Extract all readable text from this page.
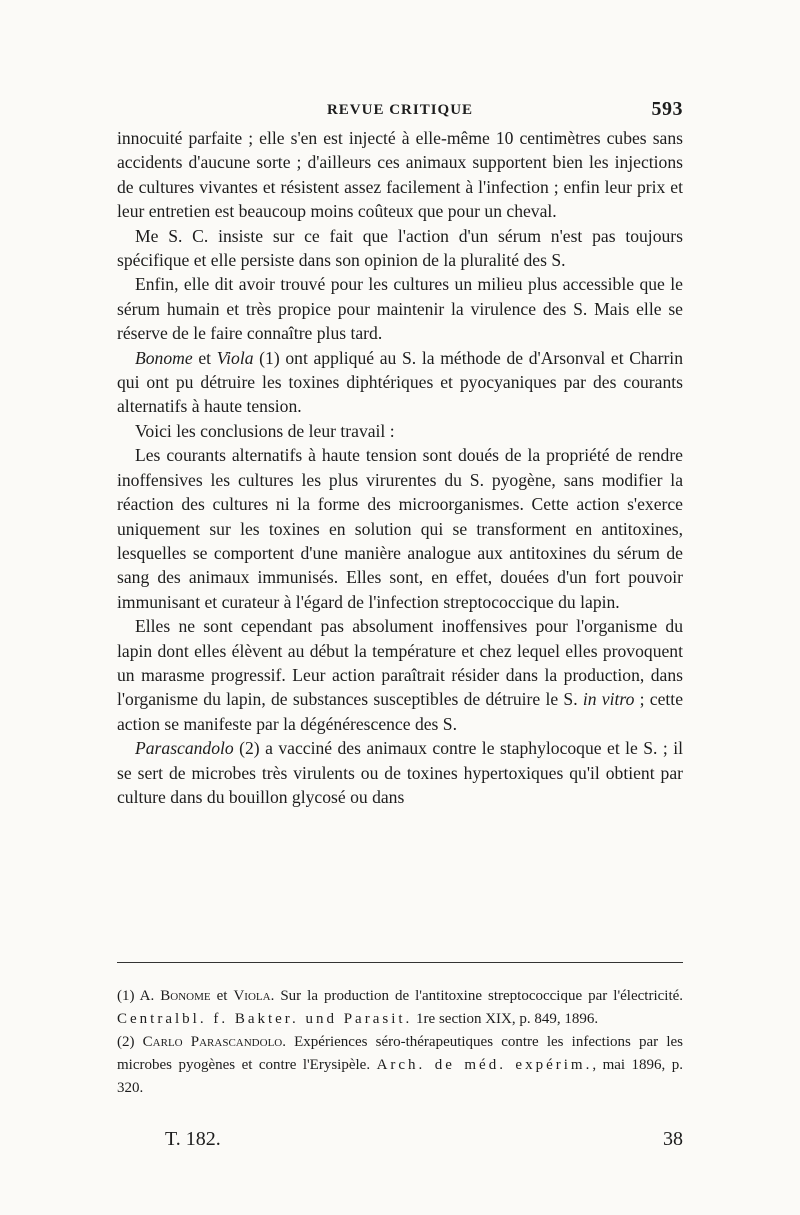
REVUE CRITIQUE	593

innocuité parfaite ; elle s'en est injecté à elle-même 10 centimètres cubes sans accidents d'aucune sorte ; d'ailleurs ces animaux supportent bien les injections de cultures vivantes et résistent assez facilement à l'infection ; enfin leur prix et leur entretien est beaucoup moins coûteux que pour un cheval.

Me S. C. insiste sur ce fait que l'action d'un sérum n'est pas toujours spécifique et elle persiste dans son opinion de la pluralité des S.

Enfin, elle dit avoir trouvé pour les cultures un milieu plus accessible que le sérum humain et très propice pour maintenir la virulence des S. Mais elle se réserve de le faire connaître plus tard.

Bonome et Viola (1) ont appliqué au S. la méthode de d'Arsonval et Charrin qui ont pu détruire les toxines diphtériques et pyocyaniques par des courants alternatifs à haute tension.

Voici les conclusions de leur travail :

Les courants alternatifs à haute tension sont doués de la propriété de rendre inoffensives les cultures les plus virurentes du S. pyogène, sans modifier la réaction des cultures ni la forme des microorganismes. Cette action s'exerce uniquement sur les toxines en solution qui se transforment en antitoxines, lesquelles se comportent d'une manière analogue aux antitoxines du sérum de sang des animaux immunisés. Elles sont, en effet, douées d'un fort pouvoir immunisant et curateur à l'égard de l'infection streptococcique du lapin.

Elles ne sont cependant pas absolument inoffensives pour l'organisme du lapin dont elles élèvent au début la température et chez lequel elles provoquent un marasme progressif. Leur action paraîtrait résider dans la production, dans l'organisme du lapin, de substances susceptibles de détruire le S. in vitro ; cette action se manifeste par la dégénérescence des S.

Parascandolo (2) a vacciné des animaux contre le staphylocoque et le S. ; il se sert de microbes très virulents ou de toxines hypertoxiques qu'il obtient par culture dans du bouillon glycosé ou dans

(1) A. Bonome et Viola. Sur la production de l'antitoxine streptococcique par l'électricité. Centralbl. f. Bakter. und Parasit. 1re section XIX, p. 849, 1896.

(2) Carlo Parascandolo. Expériences séro-thérapeutiques contre les infections par les microbes pyogènes et contre l'Erysipèle. Arch. de méd. expérim., mai 1896, p. 320.

T. 182.	38
